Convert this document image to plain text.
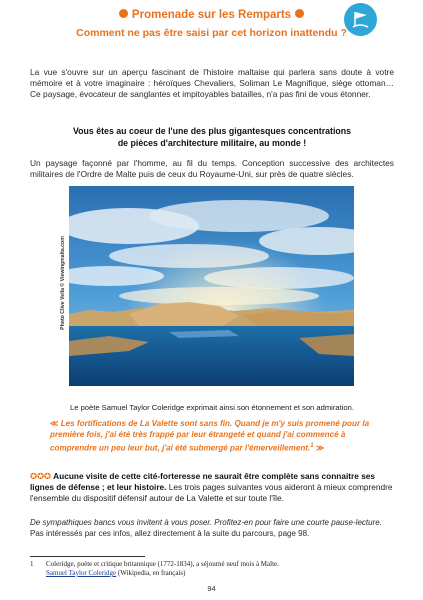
Promenade sur les Remparts
Comment ne pas être saisi par cet horizon inattendu ?
La vue s'ouvre sur un aperçu fascinant de l'histoire maltaise qui parlera sans doute à votre mémoire et à votre imaginaire : héroïques Chevaliers, Soliman Le Magnifique, siège ottoman… Ce paysage, évocateur de sanglantes et impitoyables batailles, n'a pas fini de vous étonner.
Vous êtes au coeur de l'une des plus gigantesques concentrations
de pièces d'architecture militaire, au monde !
Un paysage façonné par l'homme, au fil du temps. Conception successive des architectes militaires de l'Ordre de Malte puis de ceux du Royaume-Uni, sur près de quatre siècles.
Photo Clive Vella © Viewingmalta.com
Le poète Samuel Taylor Coleridge exprimait ainsi son étonnement et son admiration.
≪ Les fortifications de La Valette sont sans fin. Quand je m'y suis promené pour la première fois, j'ai été très frappé par leur étrangeté et quand j'ai commencé à comprendre un peu leur but, j'ai été submergé par l'émerveillement.$^1$ ≫
✪✪✪ Aucune visite de cette cité-forteresse ne saurait être complète sans connaitre ses lignes de défense ; et leur histoire. Les trois pages suivantes vous aideront à mieux comprendre l'ensemble du dispositif défensif autour de La Valette et sur toute l'île.
De sympathiques bancs vous invitent à vous poser. Profitez-en pour faire une courte pause-lecture.
Pas intéressés par ces infos, allez directement à la suite du parcours, page 98.
1 Coleridge, poète et critique britannique (1772-1834), a séjourné neuf mois à Malte.
Samuel Taylor Coleridge (Wikipedia, en français)
94
